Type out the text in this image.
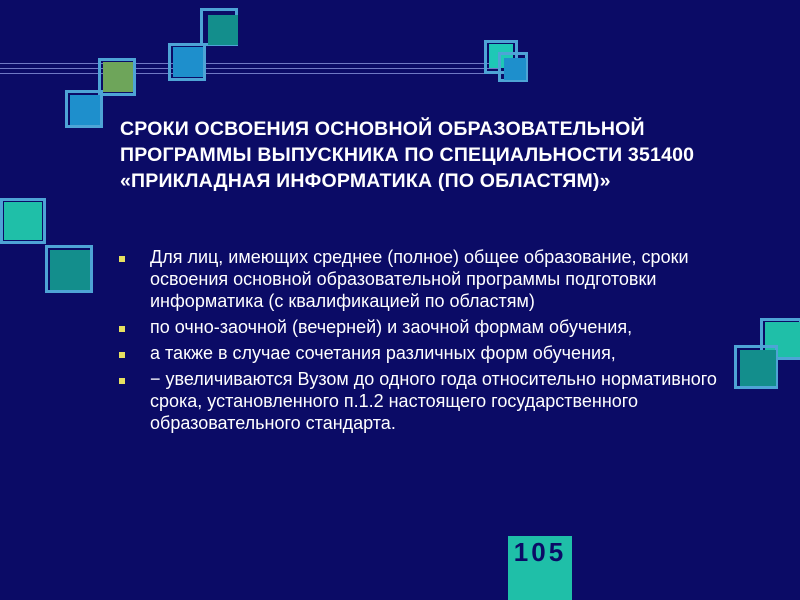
СРОКИ ОСВОЕНИЯ ОСНОВНОЙ ОБРАЗОВАТЕЛЬНОЙ ПРОГРАММЫ ВЫПУСКНИКА ПО СПЕЦИАЛЬНОСТИ 351400 «ПРИКЛАДНАЯ ИНФОРМАТИКА (ПО ОБЛАСТЯМ)»
Для лиц, имеющих среднее (полное) общее образование, сроки освоения основной образовательной программы подготовки информатика (с квалификацией по областям)
по очно-заочной (вечерней) и заочной формам обучения,
а также в случае сочетания различных форм обучения,
− увеличиваются Вузом до одного года относительно нормативного срока, установленного п.1.2 настоящего государственного образовательного стандарта.
105
